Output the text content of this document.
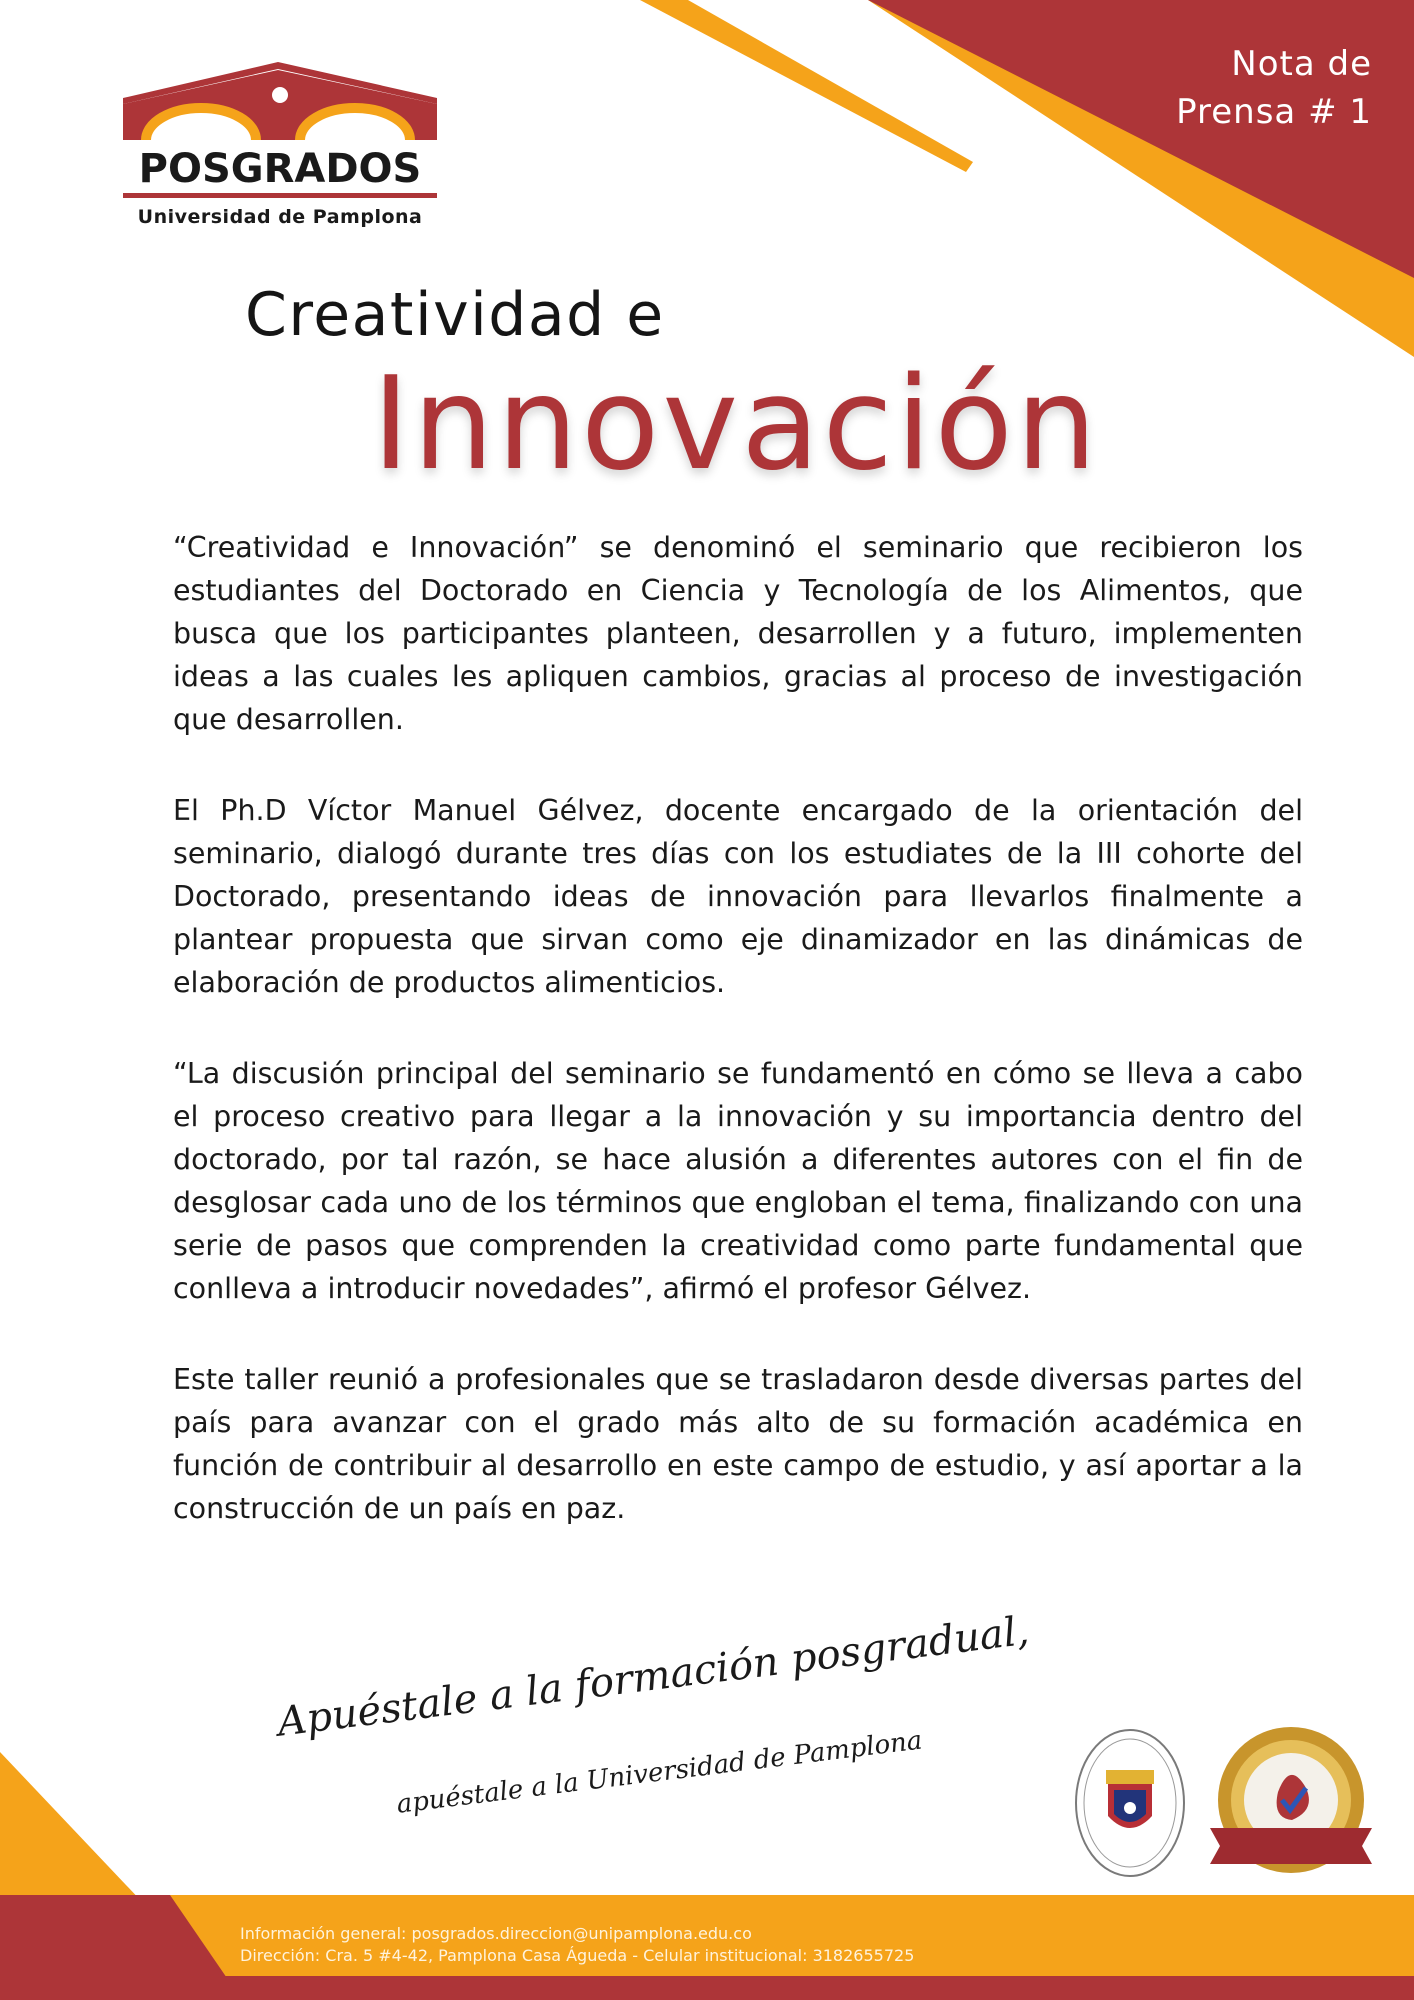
Nota de
Prensa # 1
POSGRADOS
Universidad de Pamplona
Creatividad e
Innovación

“Creatividad e Innovación” se denominó el seminario que recibieron los estudiantes del Doctorado en Ciencia y Tecnología de los Alimentos, que busca que los participantes planteen, desarrollen y a futuro, implementen ideas a las cuales les apliquen cambios, gracias al proceso de investigación que desarrollen.

El Ph.D Víctor Manuel Gélvez, docente encargado de la orientación del seminario, dialogó durante tres días con los estudiates de la III cohorte del Doctorado, presentando ideas de innovación para llevarlos finalmente a plantear propuesta que sirvan como eje dinamizador en las dinámicas de elaboración de productos alimenticios.

“La discusión principal del seminario se fundamentó en cómo se lleva a cabo el proceso creativo para llegar a la innovación y su importancia dentro del doctorado, por tal razón, se hace alusión a diferentes autores con el fin de desglosar cada uno de los términos que engloban el tema, finalizando con una serie de pasos que comprenden la creatividad como parte fundamental que conlleva a introducir novedades”, afirmó el profesor Gélvez.

Este taller reunió a profesionales que se trasladaron desde diversas partes del país para avanzar con el grado más alto de su formación académica en función de contribuir al desarrollo en este campo de estudio, y así aportar a la construcción de un país en paz.

Apuéstale a la formación posgradual,
apuéstale a la Universidad de Pamplona
Información general: posgrados.direccion@unipamplona.edu.co
Dirección: Cra. 5 #4-42, Pamplona Casa Águeda - Celular institucional: 3182655725
